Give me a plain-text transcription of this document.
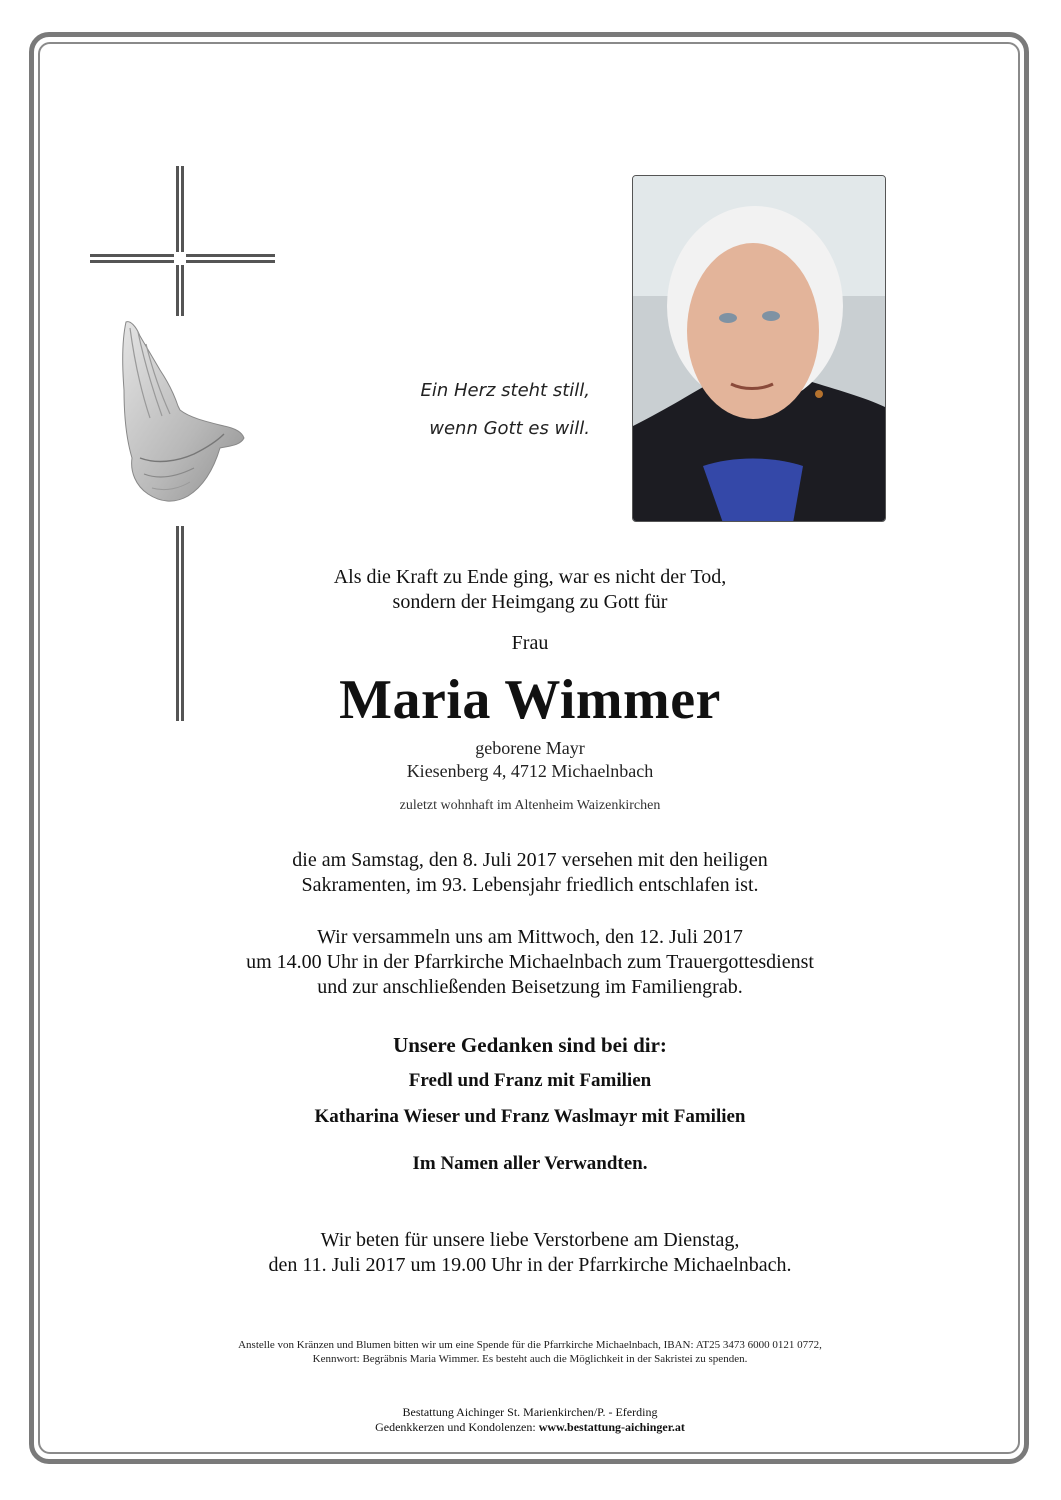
Ein Herz steht still,
wenn Gott es will.
Als die Kraft zu Ende ging, war es nicht der Tod,
sondern der Heimgang zu Gott für
Frau
Maria Wimmer
geborene Mayr
Kiesenberg 4, 4712 Michaelnbach
zuletzt wohnhaft im Altenheim Waizenkirchen
die am Samstag, den 8. Juli 2017 versehen mit den heiligen
Sakramenten, im 93. Lebensjahr friedlich entschlafen ist.
Wir versammeln uns am Mittwoch, den 12. Juli 2017
um 14.00 Uhr in der Pfarrkirche Michaelnbach zum Trauergottesdienst
und zur anschließenden Beisetzung im Familiengrab.
Unsere Gedanken sind bei dir:
Fredl und Franz mit Familien
Katharina Wieser und Franz Waslmayr mit Familien
Im Namen aller Verwandten.
Wir beten für unsere liebe Verstorbene am Dienstag,
den 11. Juli 2017 um 19.00 Uhr in der Pfarrkirche Michaelnbach.
Anstelle von Kränzen und Blumen bitten wir um eine Spende für die Pfarrkirche Michaelnbach, IBAN: AT25 3473 6000 0121 0772,
Kennwort: Begräbnis Maria Wimmer. Es besteht auch die Möglichkeit in der Sakristei zu spenden.
Bestattung Aichinger St. Marienkirchen/P. - Eferding
Gedenkkerzen und Kondolenzen: www.bestattung-aichinger.at
